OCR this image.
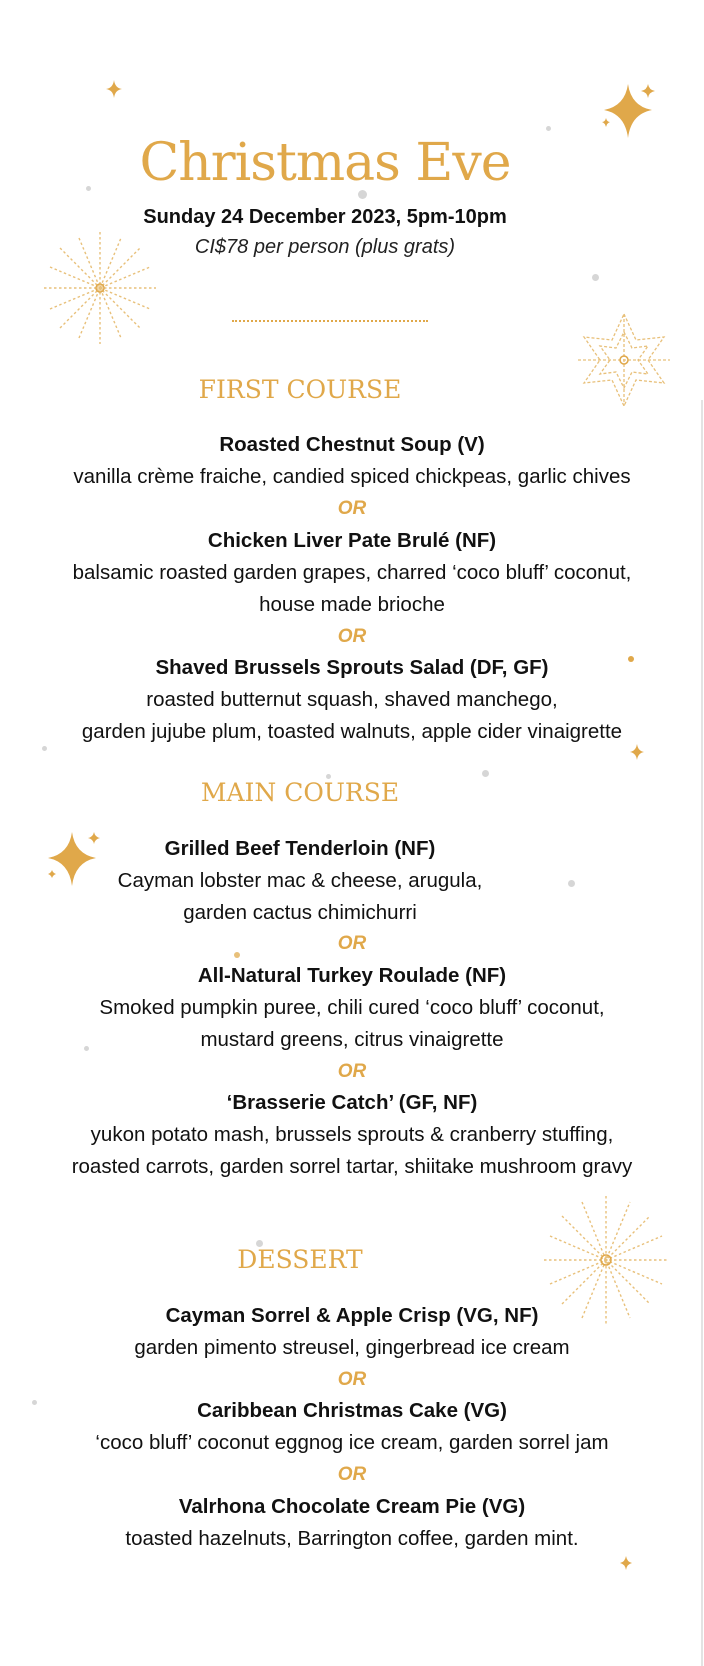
Christmas Eve
Sunday 24 December 2023, 5pm-10pm
CI$78 per person (plus grats)
FIRST COURSE
Roasted Chestnut Soup (V)
vanilla crème fraiche, candied spiced chickpeas, garlic chives
OR
Chicken Liver Pate Brulé (NF)
balsamic roasted garden grapes, charred ‘coco bluff’ coconut,
house made brioche
OR
Shaved Brussels Sprouts Salad (DF, GF)
roasted butternut squash, shaved manchego,
garden jujube plum, toasted walnuts, apple cider vinaigrette
MAIN COURSE
Grilled Beef Tenderloin (NF)
Cayman lobster mac & cheese, arugula,
garden cactus chimichurri
OR
All-Natural Turkey Roulade (NF)
Smoked pumpkin puree, chili cured ‘coco bluff’ coconut,
mustard greens, citrus vinaigrette
OR
‘Brasserie Catch’ (GF, NF)
yukon potato mash, brussels sprouts & cranberry stuffing,
roasted carrots, garden sorrel tartar, shiitake mushroom gravy
DESSERT
Cayman Sorrel & Apple Crisp (VG, NF)
garden pimento streusel, gingerbread ice cream
OR
Caribbean Christmas Cake (VG)
‘coco bluff’ coconut eggnog ice cream, garden sorrel jam
OR
Valrhona Chocolate Cream Pie (VG)
toasted hazelnuts, Barrington coffee, garden mint.
